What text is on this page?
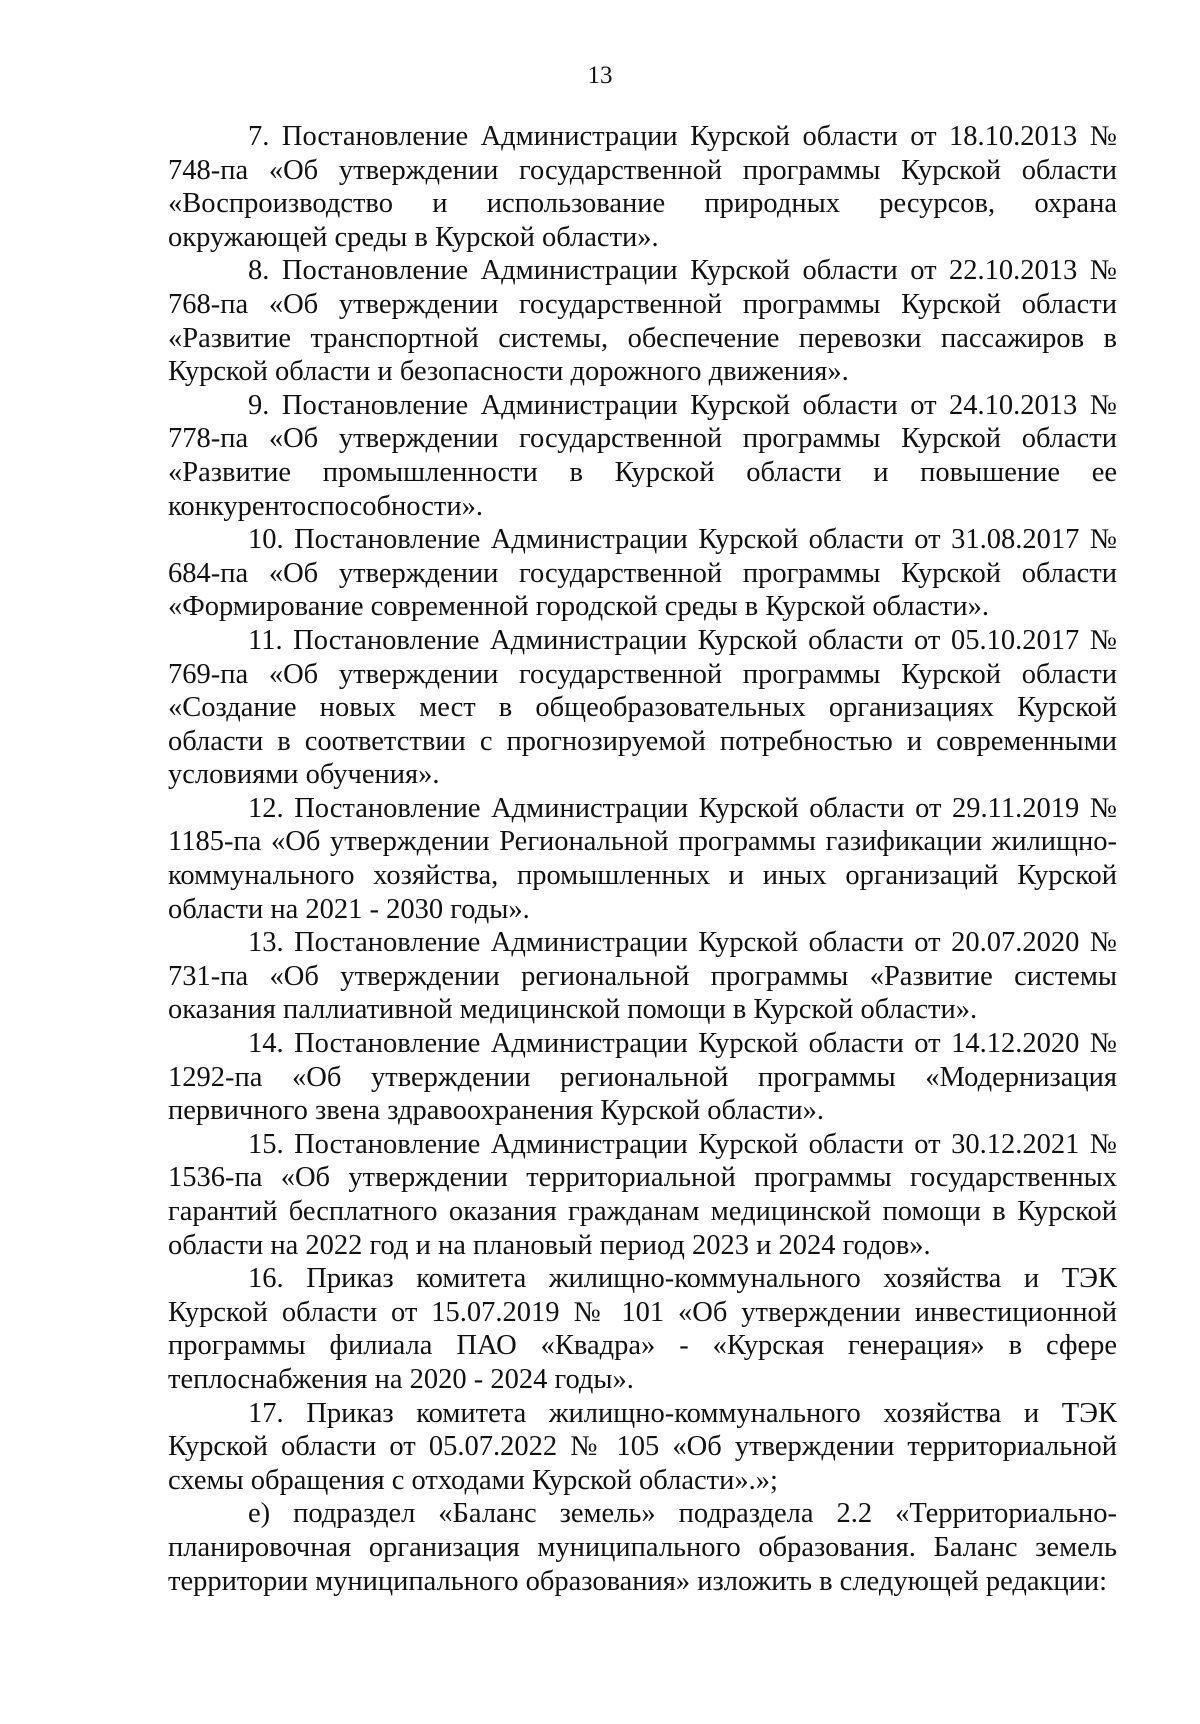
13

7. Постановление Администрации Курской области от 18.10.2013 № 748-па «Об утверждении государственной программы Курской области «Воспроизводство и использование природных ресурсов, охрана окружающей среды в Курской области».

8. Постановление Администрации Курской области от 22.10.2013 № 768-па «Об утверждении государственной программы Курской области «Развитие транспортной системы, обеспечение перевозки пассажиров в Курской области и безопасности дорожного движения».

9. Постановление Администрации Курской области от 24.10.2013 № 778-па «Об утверждении государственной программы Курской области «Развитие промышленности в Курской области и повышение ее конкурентоспособности».

10. Постановление Администрации Курской области от 31.08.2017 № 684-па «Об утверждении государственной программы Курской области «Формирование современной городской среды в Курской области».

11. Постановление Администрации Курской области от 05.10.2017 № 769-па «Об утверждении государственной программы Курской области «Создание новых мест в общеобразовательных организациях Курской области в соответствии с прогнозируемой потребностью и современными условиями обучения».

12. Постановление Администрации Курской области от 29.11.2019 № 1185-па «Об утверждении Региональной программы газификации жилищно-коммунального хозяйства, промышленных и иных организаций Курской области на 2021 - 2030 годы».

13. Постановление Администрации Курской области от 20.07.2020 № 731-па «Об утверждении региональной программы «Развитие системы оказания паллиативной медицинской помощи в Курской области».

14. Постановление Администрации Курской области от 14.12.2020 № 1292-па «Об утверждении региональной программы «Модернизация первичного звена здравоохранения Курской области».

15. Постановление Администрации Курской области от 30.12.2021 № 1536-па «Об утверждении территориальной программы государственных гарантий бесплатного оказания гражданам медицинской помощи в Курской области на 2022 год и на плановый период 2023 и 2024 годов».

16. Приказ комитета жилищно-коммунального хозяйства и ТЭК Курской области от 15.07.2019 № 101 «Об утверждении инвестиционной программы филиала ПАО «Квадра» - «Курская генерация» в сфере теплоснабжения на 2020 - 2024 годы».

17. Приказ комитета жилищно-коммунального хозяйства и ТЭК Курской области от 05.07.2022 № 105 «Об утверждении территориальной схемы обращения с отходами Курской области».»;

е) подраздел «Баланс земель» подраздела 2.2 «Территориально-планировочная организация муниципального образования. Баланс земель территории муниципального образования» изложить в следующей редакции:
